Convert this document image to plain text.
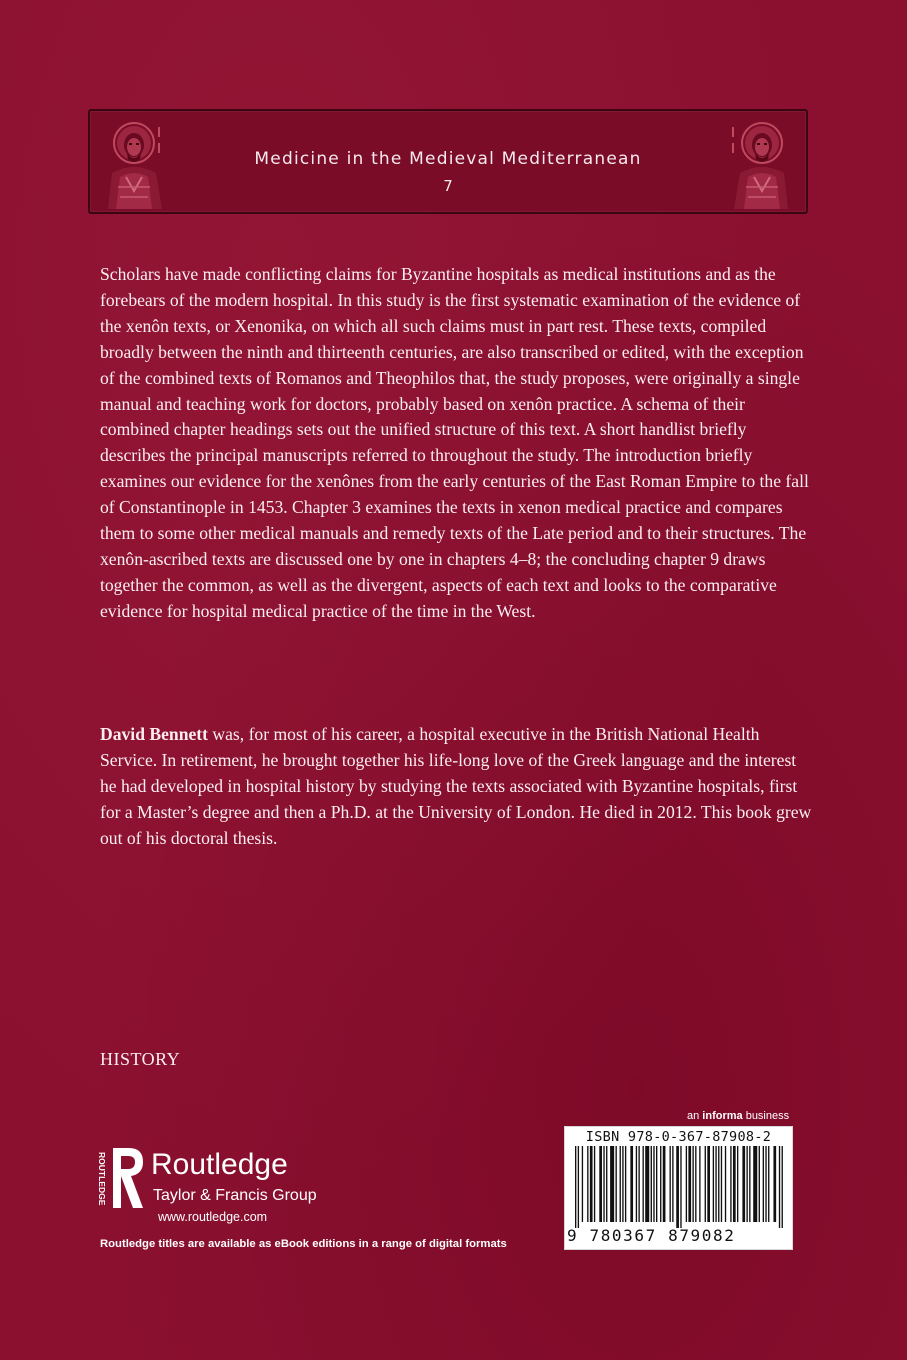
Medicine in the Medieval Mediterranean
7

Scholars have made conflicting claims for Byzantine hospitals as medical institutions and as the forebears of the modern hospital. In this study is the first systematic examination of the evidence of the xenôn texts, or Xenonika, on which all such claims must in part rest. These texts, compiled broadly between the ninth and thirteenth centuries, are also transcribed or edited, with the exception of the combined texts of Romanos and Theophilos that, the study proposes, were originally a single manual and teaching work for doctors, probably based on xenôn practice. A schema of their combined chapter headings sets out the unified structure of this text. A short handlist briefly describes the principal manuscripts referred to throughout the study. The introduction briefly examines our evidence for the xenônes from the early centuries of the East Roman Empire to the fall of Constantinople in 1453. Chapter 3 examines the texts in xenon medical practice and compares them to some other medical manuals and remedy texts of the Late period and to their structures. The xenôn-ascribed texts are discussed one by one in chapters 4–8; the concluding chapter 9 draws together the common, as well as the divergent, aspects of each text and looks to the comparative evidence for hospital medical practice of the time in the West.

David Bennett was, for most of his career, a hospital executive in the British National Health Service. In retirement, he brought together his life-long love of the Greek language and the interest he had developed in hospital history by studying the texts associated with Byzantine hospitals, first for a Master’s degree and then a Ph.D. at the University of London. He died in 2012. This book grew out of his doctoral thesis.

HISTORY
an informa business
ISBN 978-0-367-87908-2
9 780367 879082
ROUTLEDGE Routledge
Taylor & Francis Group
www.routledge.com
Routledge titles are available as eBook editions in a range of digital formats
